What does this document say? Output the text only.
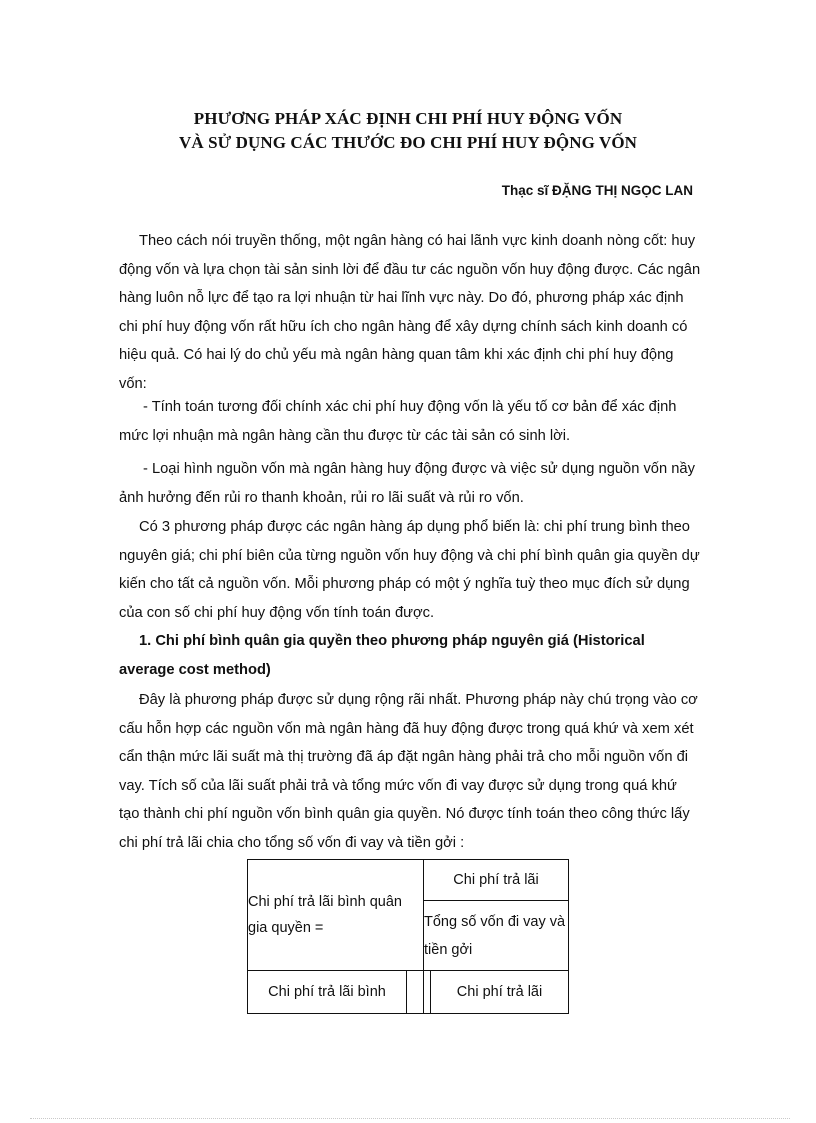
PHƯƠNG PHÁP XÁC ĐỊNH CHI PHÍ HUY ĐỘNG VỐN
VÀ SỬ DỤNG CÁC THƯỚC ĐO CHI PHÍ HUY ĐỘNG VỐN
Thạc sĩ ĐẶNG THỊ NGỌC LAN

Theo cách nói truyền thống, một ngân hàng có hai lãnh vực kinh doanh nòng cốt: huy động vốn và lựa chọn tài sản sinh lời để đầu tư các nguồn vốn huy động được. Các ngân hàng luôn nỗ lực để tạo ra lợi nhuận từ hai lĩnh vực này. Do đó, phương pháp xác định chi phí huy động vốn rất hữu ích cho ngân hàng để xây dựng chính sách kinh doanh có hiệu quả. Có hai lý do chủ yếu mà ngân hàng quan tâm khi xác định chi phí huy động vốn:

- Tính toán tương đối chính xác chi phí huy động vốn là yếu tố cơ bản để xác định mức lợi nhuận mà ngân hàng cần thu được từ các tài sản có sinh lời.

- Loại hình nguồn vốn mà ngân hàng huy động được và việc sử dụng nguồn vốn nầy ảnh hưởng đến rủi ro thanh khoản, rủi ro lãi suất và rủi ro vốn.

Có 3 phương pháp được các ngân hàng áp dụng phổ biến là: chi phí trung bình theo nguyên giá; chi phí biên của từng nguồn vốn huy động và chi phí bình quân gia quyền dự kiến cho tất cả nguồn vốn. Mỗi phương pháp có một ý nghĩa tuỳ theo mục đích sử dụng của con số chi phí huy động vốn tính toán được.

1. Chi phí bình quân gia quyền theo phương pháp nguyên giá (Historical average cost method)

Đây là phương pháp được sử dụng rộng rãi nhất. Phương pháp này chú trọng vào cơ cấu hỗn hợp các nguồn vốn mà ngân hàng đã huy động được trong quá khứ và xem xét cẩn thận mức lãi suất mà thị trường đã áp đặt ngân hàng phải trả cho mỗi nguồn vốn đi vay. Tích số của lãi suất phải trả và tổng mức vốn đi vay được sử dụng trong quá khứ tạo thành chi phí nguồn vốn bình quân gia quyền. Nó được tính toán theo công thức lấy chi phí trả lãi chia cho tổng số vốn đi vay và tiền gởi :

Chi phí trả lãi bình quân gia quyền =		Chi phí trả lãi	
		Tổng số vốn đi vay và tiền gởi	
Chi phí trả lãi bình			Chi phí trả lãi
